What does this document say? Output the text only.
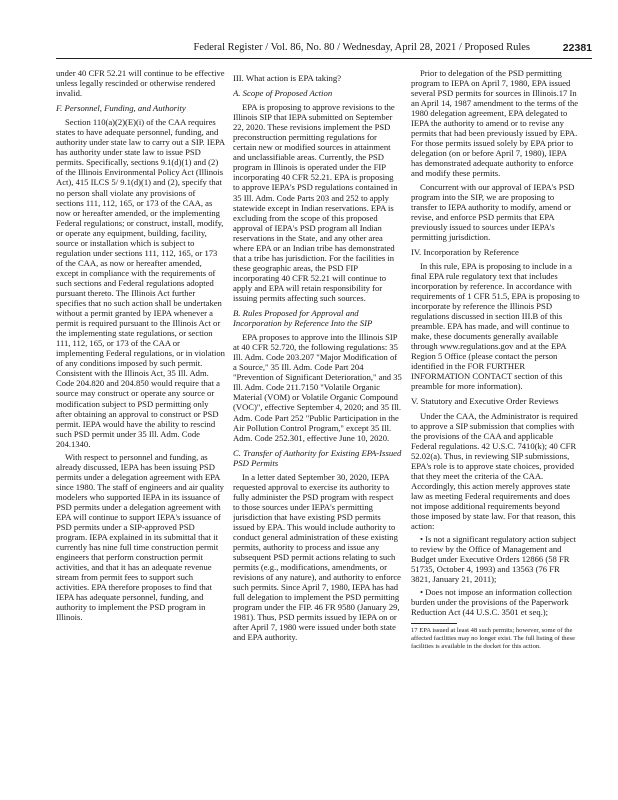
Federal Register / Vol. 86, No. 80 / Wednesday, April 28, 2021 / Proposed Rules	22381

under 40 CFR 52.21 will continue to be effective unless legally rescinded or otherwise rendered invalid.

F. Personnel, Funding, and Authority

Section 110(a)(2)(E)(i) of the CAA requires states to have adequate personnel, funding, and authority under state law to carry out a SIP. IEPA has authority under state law to issue PSD permits. Specifically, sections 9.1(d)(1) and (2) of the Illinois Environmental Policy Act (Illinois Act), 415 ILCS 5/ 9.1(d)(1) and (2), specify that no person shall violate any provisions of sections 111, 112, 165, or 173 of the CAA, as now or hereafter amended, or the implementing Federal regulations; or construct, install, modify, or operate any equipment, building, facility, source or installation which is subject to regulation under sections 111, 112, 165, or 173 of the CAA, as now or hereafter amended, except in compliance with the requirements of such sections and Federal regulations adopted pursuant thereto. The Illinois Act further specifies that no such action shall be undertaken without a permit granted by IEPA whenever a permit is required pursuant to the Illinois Act or the implementing state regulations, or section 111, 112, 165, or 173 of the CAA or implementing Federal regulations, or in violation of any conditions imposed by such permit. Consistent with the Illinois Act, 35 Ill. Adm. Code 204.820 and 204.850 would require that a source may construct or operate any source or modification subject to PSD permitting only after obtaining an approval to construct or PSD permit. IEPA would have the ability to rescind such PSD permit under 35 Ill. Adm. Code 204.1340.

With respect to personnel and funding, as already discussed, IEPA has been issuing PSD permits under a delegation agreement with EPA since 1980. The staff of engineers and air quality modelers who supported IEPA in its issuance of PSD permits under a delegation agreement with EPA will continue to support IEPA's issuance of PSD permits under a SIP-approved PSD program. IEPA explained in its submittal that it currently has nine full time construction permit engineers that perform construction permit activities, and that it has an adequate revenue stream from permit fees to support such activities. EPA therefore proposes to find that IEPA has adequate personnel, funding, and authority to implement the PSD program in Illinois.

III. What action is EPA taking?
A. Scope of Proposed Action

EPA is proposing to approve revisions to the Illinois SIP that IEPA submitted on September 22, 2020. These revisions implement the PSD preconstruction permitting regulations for certain new or modified sources in attainment and unclassifiable areas. Currently, the PSD program in Illinois is operated under the FIP incorporating 40 CFR 52.21. EPA is proposing to approve IEPA's PSD regulations contained in 35 Ill. Adm. Code Parts 203 and 252 to apply statewide except in Indian reservations. EPA is excluding from the scope of this proposed approval of IEPA's PSD program all Indian reservations in the State, and any other area where EPA or an Indian tribe has demonstrated that a tribe has jurisdiction. For the facilities in these geographic areas, the PSD FIP incorporating 40 CFR 52.21 will continue to apply and EPA will retain responsibility for issuing permits affecting such sources.

B. Rules Proposed for Approval and Incorporation by Reference Into the SIP

EPA proposes to approve into the Illinois SIP at 40 CFR 52.720, the following regulations: 35 Ill. Adm. Code 203.207 "Major Modification of a Source," 35 Ill. Adm. Code Part 204 "Prevention of Significant Deterioration," and 35 Ill. Adm. Code 211.7150 "Volatile Organic Material (VOM) or Volatile Organic Compound (VOC)", effective September 4, 2020; and 35 Ill. Adm. Code Part 252 "Public Participation in the Air Pollution Control Program," except 35 Ill. Adm. Code 252.301, effective June 10, 2020.

C. Transfer of Authority for Existing EPA-Issued PSD Permits

In a letter dated September 30, 2020, IEPA requested approval to exercise its authority to fully administer the PSD program with respect to those sources under IEPA's permitting jurisdiction that have existing PSD permits issued by EPA. This would include authority to conduct general administration of these existing permits, authority to process and issue any subsequent PSD permit actions relating to such permits (e.g., modifications, amendments, or revisions of any nature), and authority to enforce such permits. Since April 7, 1980, IEPA has had full delegation to implement the PSD permitting program under the FIP. 46 FR 9580 (January 29, 1981). Thus, PSD permits issued by IEPA on or after April 7, 1980 were issued under both state and EPA authority.

Prior to delegation of the PSD permitting program to IEPA on April 7, 1980, EPA issued several PSD permits for sources in Illinois.17 In an April 14, 1987 amendment to the terms of the 1980 delegation agreement, EPA delegated to IEPA the authority to amend or to revise any permits that had been previously issued by EPA. For those permits issued solely by EPA prior to delegation (on or before April 7, 1980), IEPA has demonstrated adequate authority to enforce and modify these permits.

Concurrent with our approval of IEPA's PSD program into the SIP, we are proposing to transfer to IEPA authority to modify, amend or revise, and enforce PSD permits that EPA previously issued to sources under IEPA's permitting jurisdiction.

IV. Incorporation by Reference

In this rule, EPA is proposing to include in a final EPA rule regulatory text that includes incorporation by reference. In accordance with requirements of 1 CFR 51.5, EPA is proposing to incorporate by reference the Illinois PSD regulations discussed in section III.B of this preamble. EPA has made, and will continue to make, these documents generally available through www.regulations.gov and at the EPA Region 5 Office (please contact the person identified in the FOR FURTHER INFORMATION CONTACT section of this preamble for more information).

V. Statutory and Executive Order Reviews

Under the CAA, the Administrator is required to approve a SIP submission that complies with the provisions of the CAA and applicable Federal regulations. 42 U.S.C. 7410(k); 40 CFR 52.02(a). Thus, in reviewing SIP submissions, EPA's role is to approve state choices, provided that they meet the criteria of the CAA. Accordingly, this action merely approves state law as meeting Federal requirements and does not impose additional requirements beyond those imposed by state law. For that reason, this action:

• Is not a significant regulatory action subject to review by the Office of Management and Budget under Executive Orders 12866 (58 FR 51735, October 4, 1993) and 13563 (76 FR 3821, January 21, 2011);

• Does not impose an information collection burden under the provisions of the Paperwork Reduction Act (44 U.S.C. 3501 et seq.);

17 EPA issued at least 48 such permits; however, some of the affected facilities may no longer exist. The full listing of these facilities is available in the docket for this action.
